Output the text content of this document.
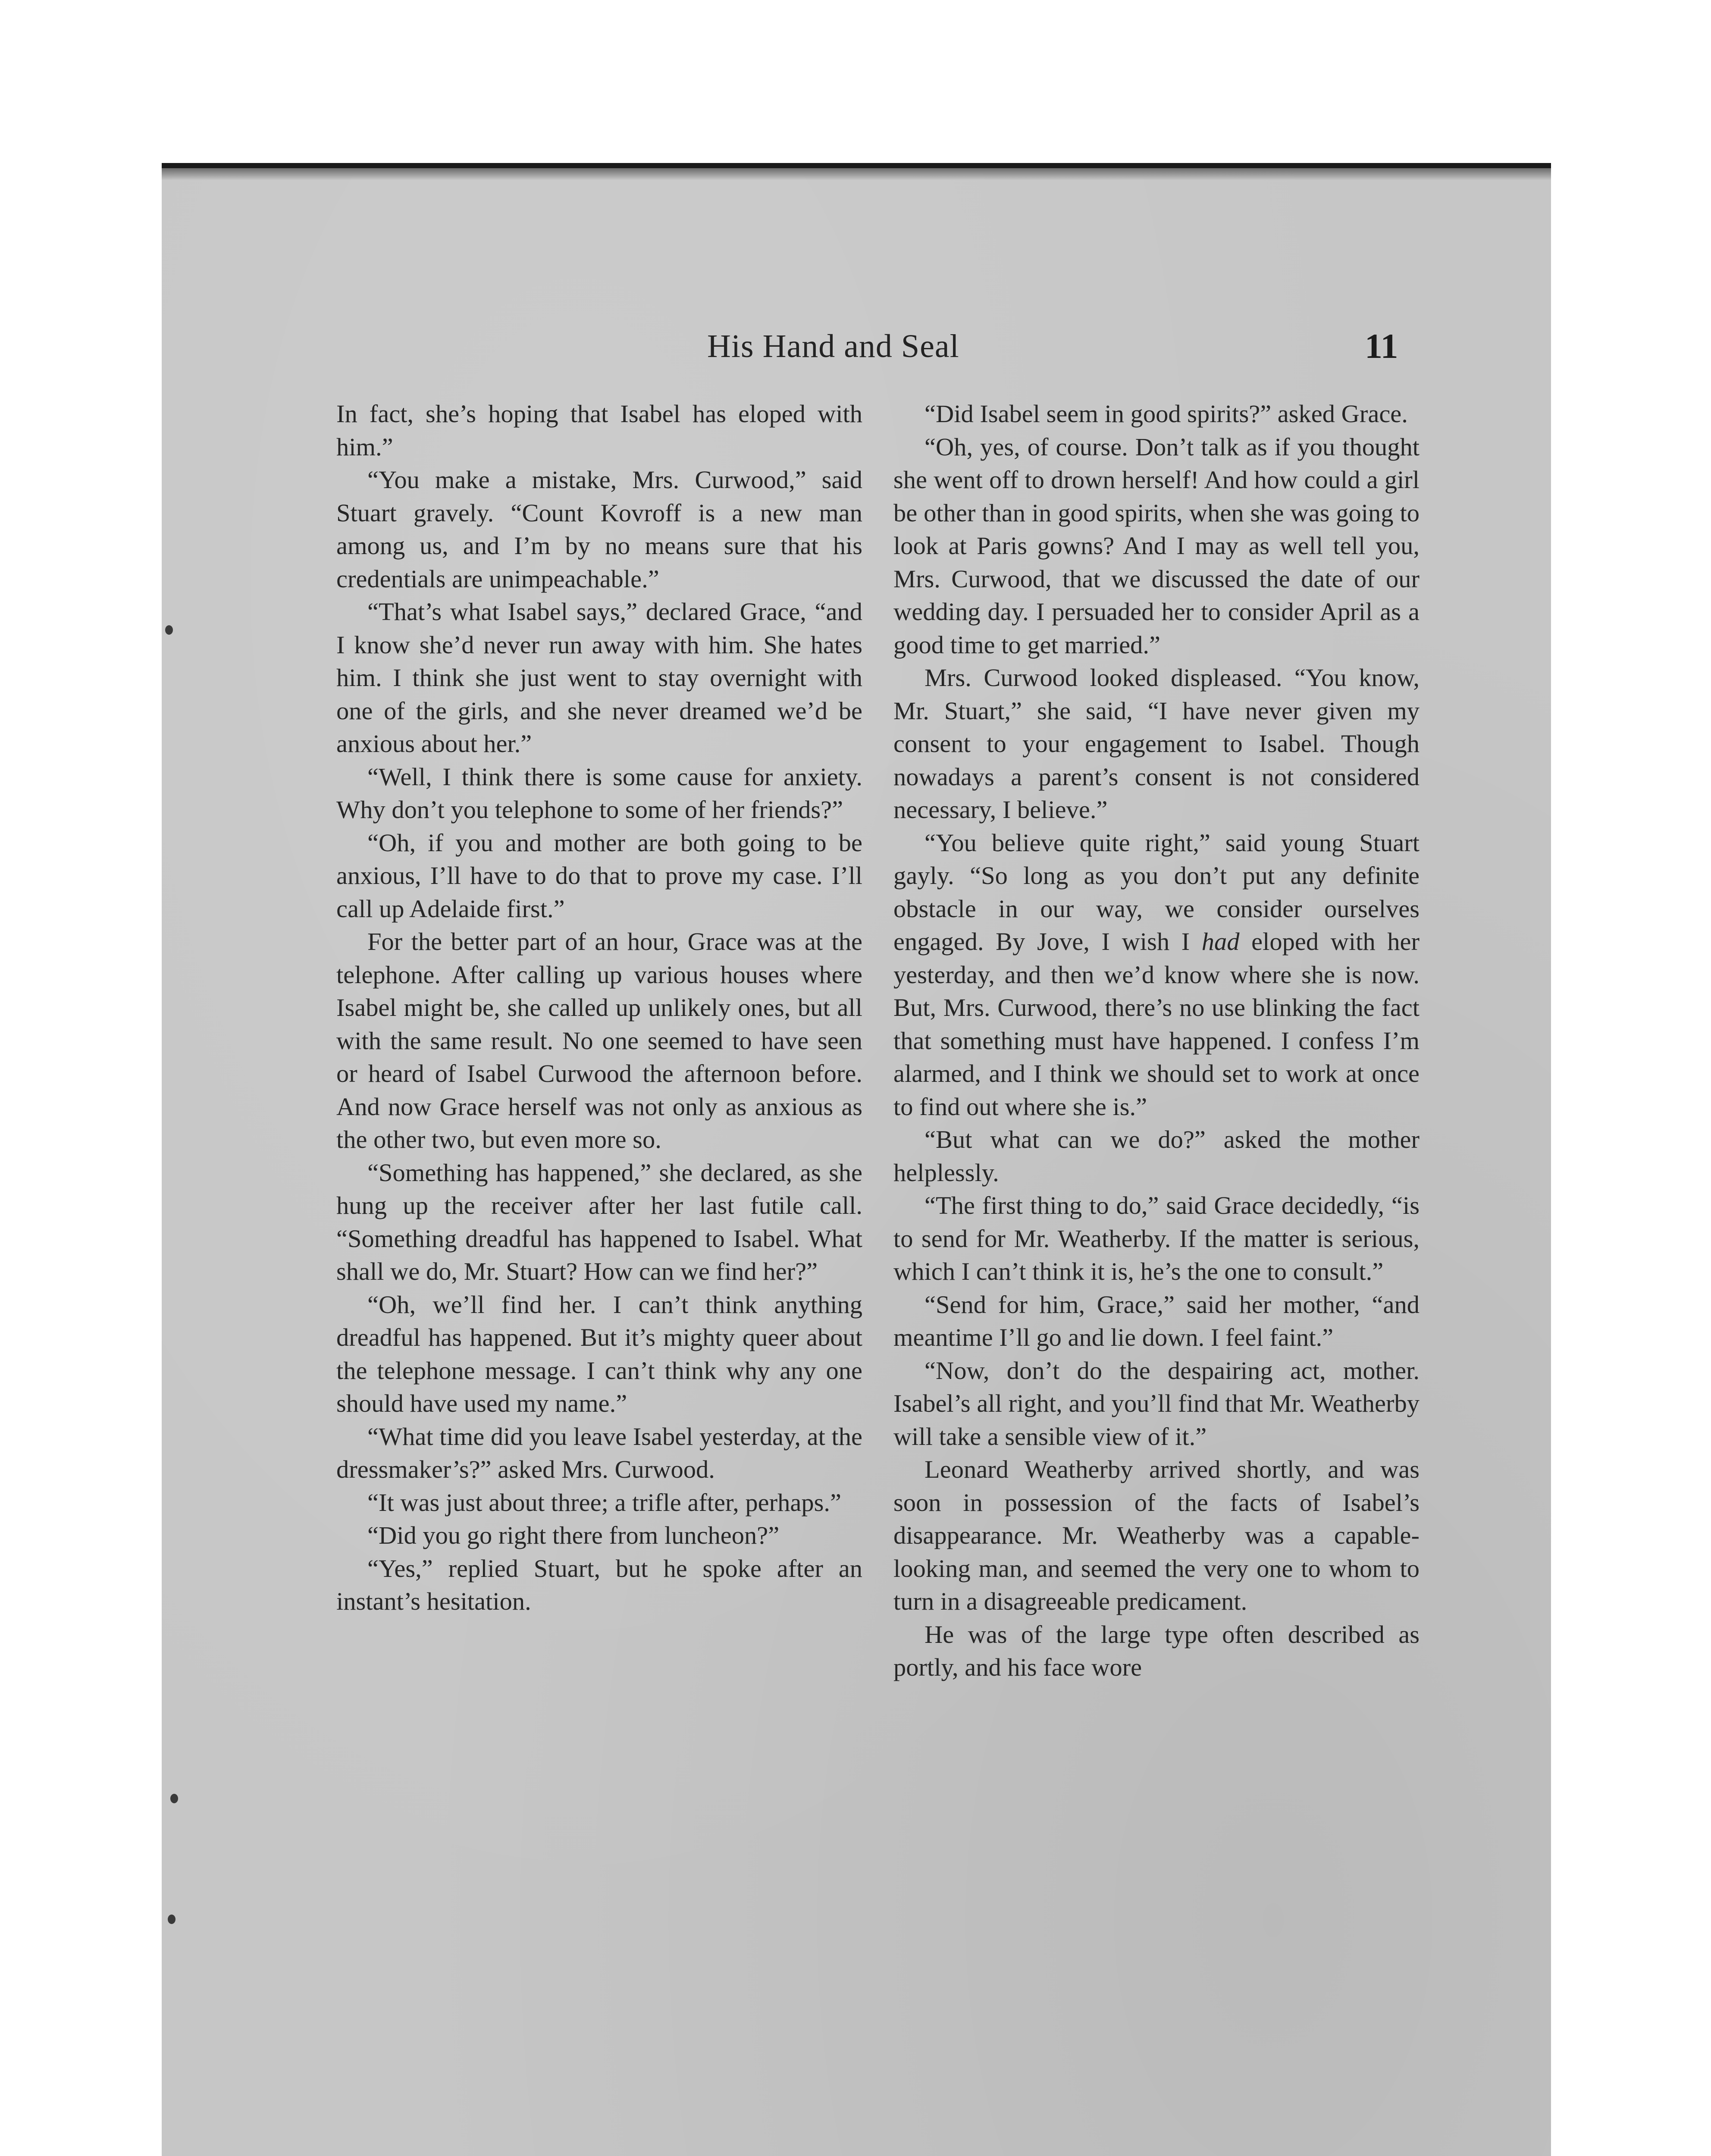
His Hand and Seal	11

In fact, she’s hoping that Isabel has eloped with him.”

“You make a mistake, Mrs. Curwood,” said Stuart gravely. “Count Kovroff is a new man among us, and I’m by no means sure that his credentials are unimpeachable.”

“That’s what Isabel says,” declared Grace, “and I know she’d never run away with him. She hates him. I think she just went to stay overnight with one of the girls, and she never dreamed we’d be anxious about her.”

“Well, I think there is some cause for anxiety. Why don’t you telephone to some of her friends?”

“Oh, if you and mother are both going to be anxious, I’ll have to do that to prove my case. I’ll call up Adelaide first.”

For the better part of an hour, Grace was at the telephone. After calling up various houses where Isabel might be, she called up unlikely ones, but all with the same result. No one seemed to have seen or heard of Isabel Curwood the afternoon before. And now Grace herself was not only as anxious as the other two, but even more so.

“Something has happened,” she declared, as she hung up the receiver after her last futile call. “Something dreadful has happened to Isabel. What shall we do, Mr. Stuart? How can we find her?”

“Oh, we’ll find her. I can’t think anything dreadful has happened. But it’s mighty queer about the telephone message. I can’t think why any one should have used my name.”

“What time did you leave Isabel yesterday, at the dressmaker’s?” asked Mrs. Curwood.

“It was just about three; a trifle after, perhaps.”

“Did you go right there from luncheon?”

“Yes,” replied Stuart, but he spoke after an instant’s hesitation.

“Did Isabel seem in good spirits?” asked Grace.

“Oh, yes, of course. Don’t talk as if you thought she went off to drown herself! And how could a girl be other than in good spirits, when she was going to look at Paris gowns? And I may as well tell you, Mrs. Curwood, that we discussed the date of our wedding day. I persuaded her to consider April as a good time to get married.”

Mrs. Curwood looked displeased. “You know, Mr. Stuart,” she said, “I have never given my consent to your engagement to Isabel. Though nowadays a parent’s consent is not considered necessary, I believe.”

“You believe quite right,” said young Stuart gayly. “So long as you don’t put any definite obstacle in our way, we consider ourselves engaged. By Jove, I wish I had eloped with her yesterday, and then we’d know where she is now. But, Mrs. Curwood, there’s no use blinking the fact that something must have happened. I confess I’m alarmed, and I think we should set to work at once to find out where she is.”

“But what can we do?” asked the mother helplessly.

“The first thing to do,” said Grace decidedly, “is to send for Mr. Weatherby. If the matter is serious, which I can’t think it is, he’s the one to consult.”

“Send for him, Grace,” said her mother, “and meantime I’ll go and lie down. I feel faint.”

“Now, don’t do the despairing act, mother. Isabel’s all right, and you’ll find that Mr. Weatherby will take a sensible view of it.”

Leonard Weatherby arrived shortly, and was soon in possession of the facts of Isabel’s disappearance. Mr. Weatherby was a capable-looking man, and seemed the very one to whom to turn in a disagreeable predicament.

He was of the large type often described as portly, and his face wore
